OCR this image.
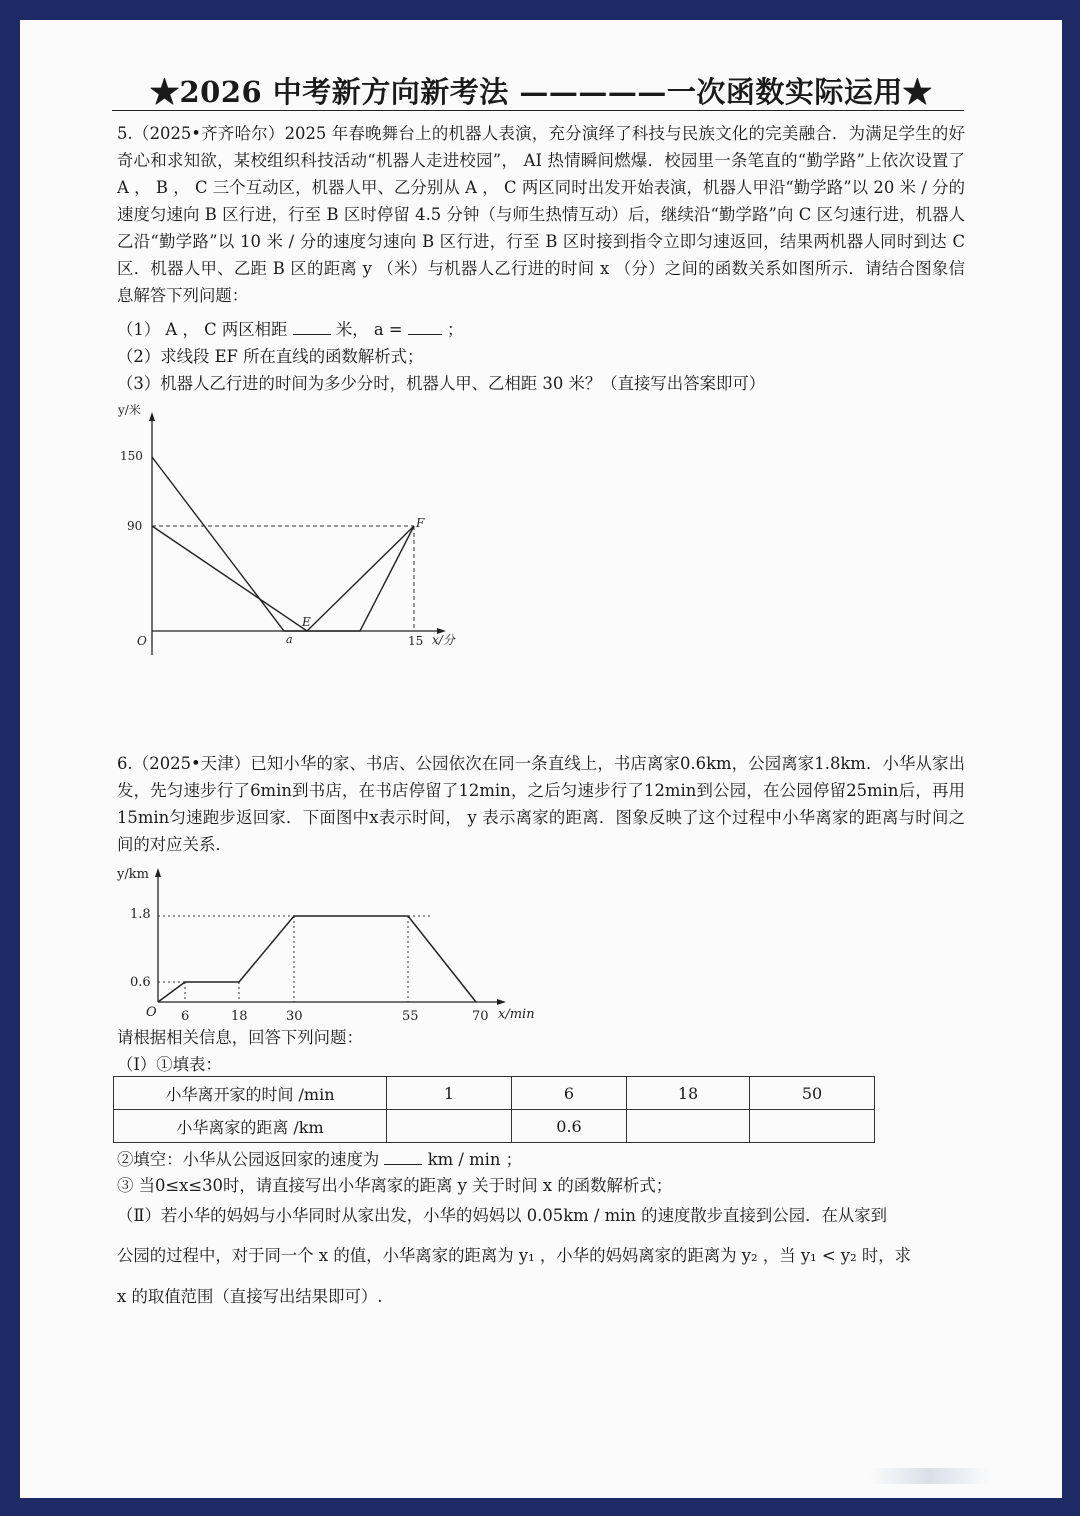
★2026 中考新方向新考法 —————一次函数实际运用★

5.（2025•齐齐哈尔）2025 年春晚舞台上的机器人表演，充分演绎了科技与民族文化的完美融合．为满足学生的好奇心和求知欲，某校组织科技活动“机器人走进校园”， AI 热情瞬间燃爆．校园里一条笔直的“勤学路”上依次设置了 A ， B ， C 三个互动区，机器人甲、乙分别从 A ， C 两区同时出发开始表演，机器人甲沿“勤学路”以 20 米 / 分的速度匀速向 B 区行进，行至 B 区时停留 4.5 分钟（与师生热情互动）后，继续沿“勤学路”向 C 区匀速行进，机器人乙沿“勤学路”以 10 米 / 分的速度匀速向 B 区行进，行至 B 区时接到指令立即匀速返回，结果两机器人同时到达 C 区．机器人甲、乙距 B 区的距离 y （米）与机器人乙行进的时间 x （分）之间的函数关系如图所示．请结合图象信息解答下列问题：

（1） A ， C 两区相距	米， a =	；
（2）求线段 EF 所在直线的函数解析式；
（3）机器人乙行进的时间为多少分时，机器人甲、乙相距 30 米？（直接写出答案即可）
y/米
x/分
O
150
90
a	15
E
F

6.（2025•天津）已知小华的家、书店、公园依次在同一条直线上，书店离家0.6km，公园离家1.8km．小华从家出发，先匀速步行了6min到书店，在书店停留了12min，之后匀速步行了12min到公园，在公园停留25min后，再用15min匀速跑步返回家．下面图中x表示时间， y 表示离家的距离．图象反映了这个过程中小华离家的距离与时间之间的对应关系．

y/km
x/min
O
1.8
0.6
6	18	30	55	70
请根据相关信息，回答下列问题：
（Ⅰ）①填表：
小华离开家的时间 /min	1	6	18	50
小华离家的距离 /km		0.6		
②填空：小华从公园返回家的速度为	km / min ；
③ 当0≤x≤30时，请直接写出小华离家的距离 y 关于时间 x 的函数解析式；
（Ⅱ）若小华的妈妈与小华同时从家出发，小华的妈妈以 0.05km / min 的速度散步直接到公园．在从家到
公园的过程中，对于同一个 x 的值，小华离家的距离为 y₁ ，小华的妈妈离家的距离为 y₂ ，当 y₁ < y₂ 时，求
x 的取值范围（直接写出结果即可）.
